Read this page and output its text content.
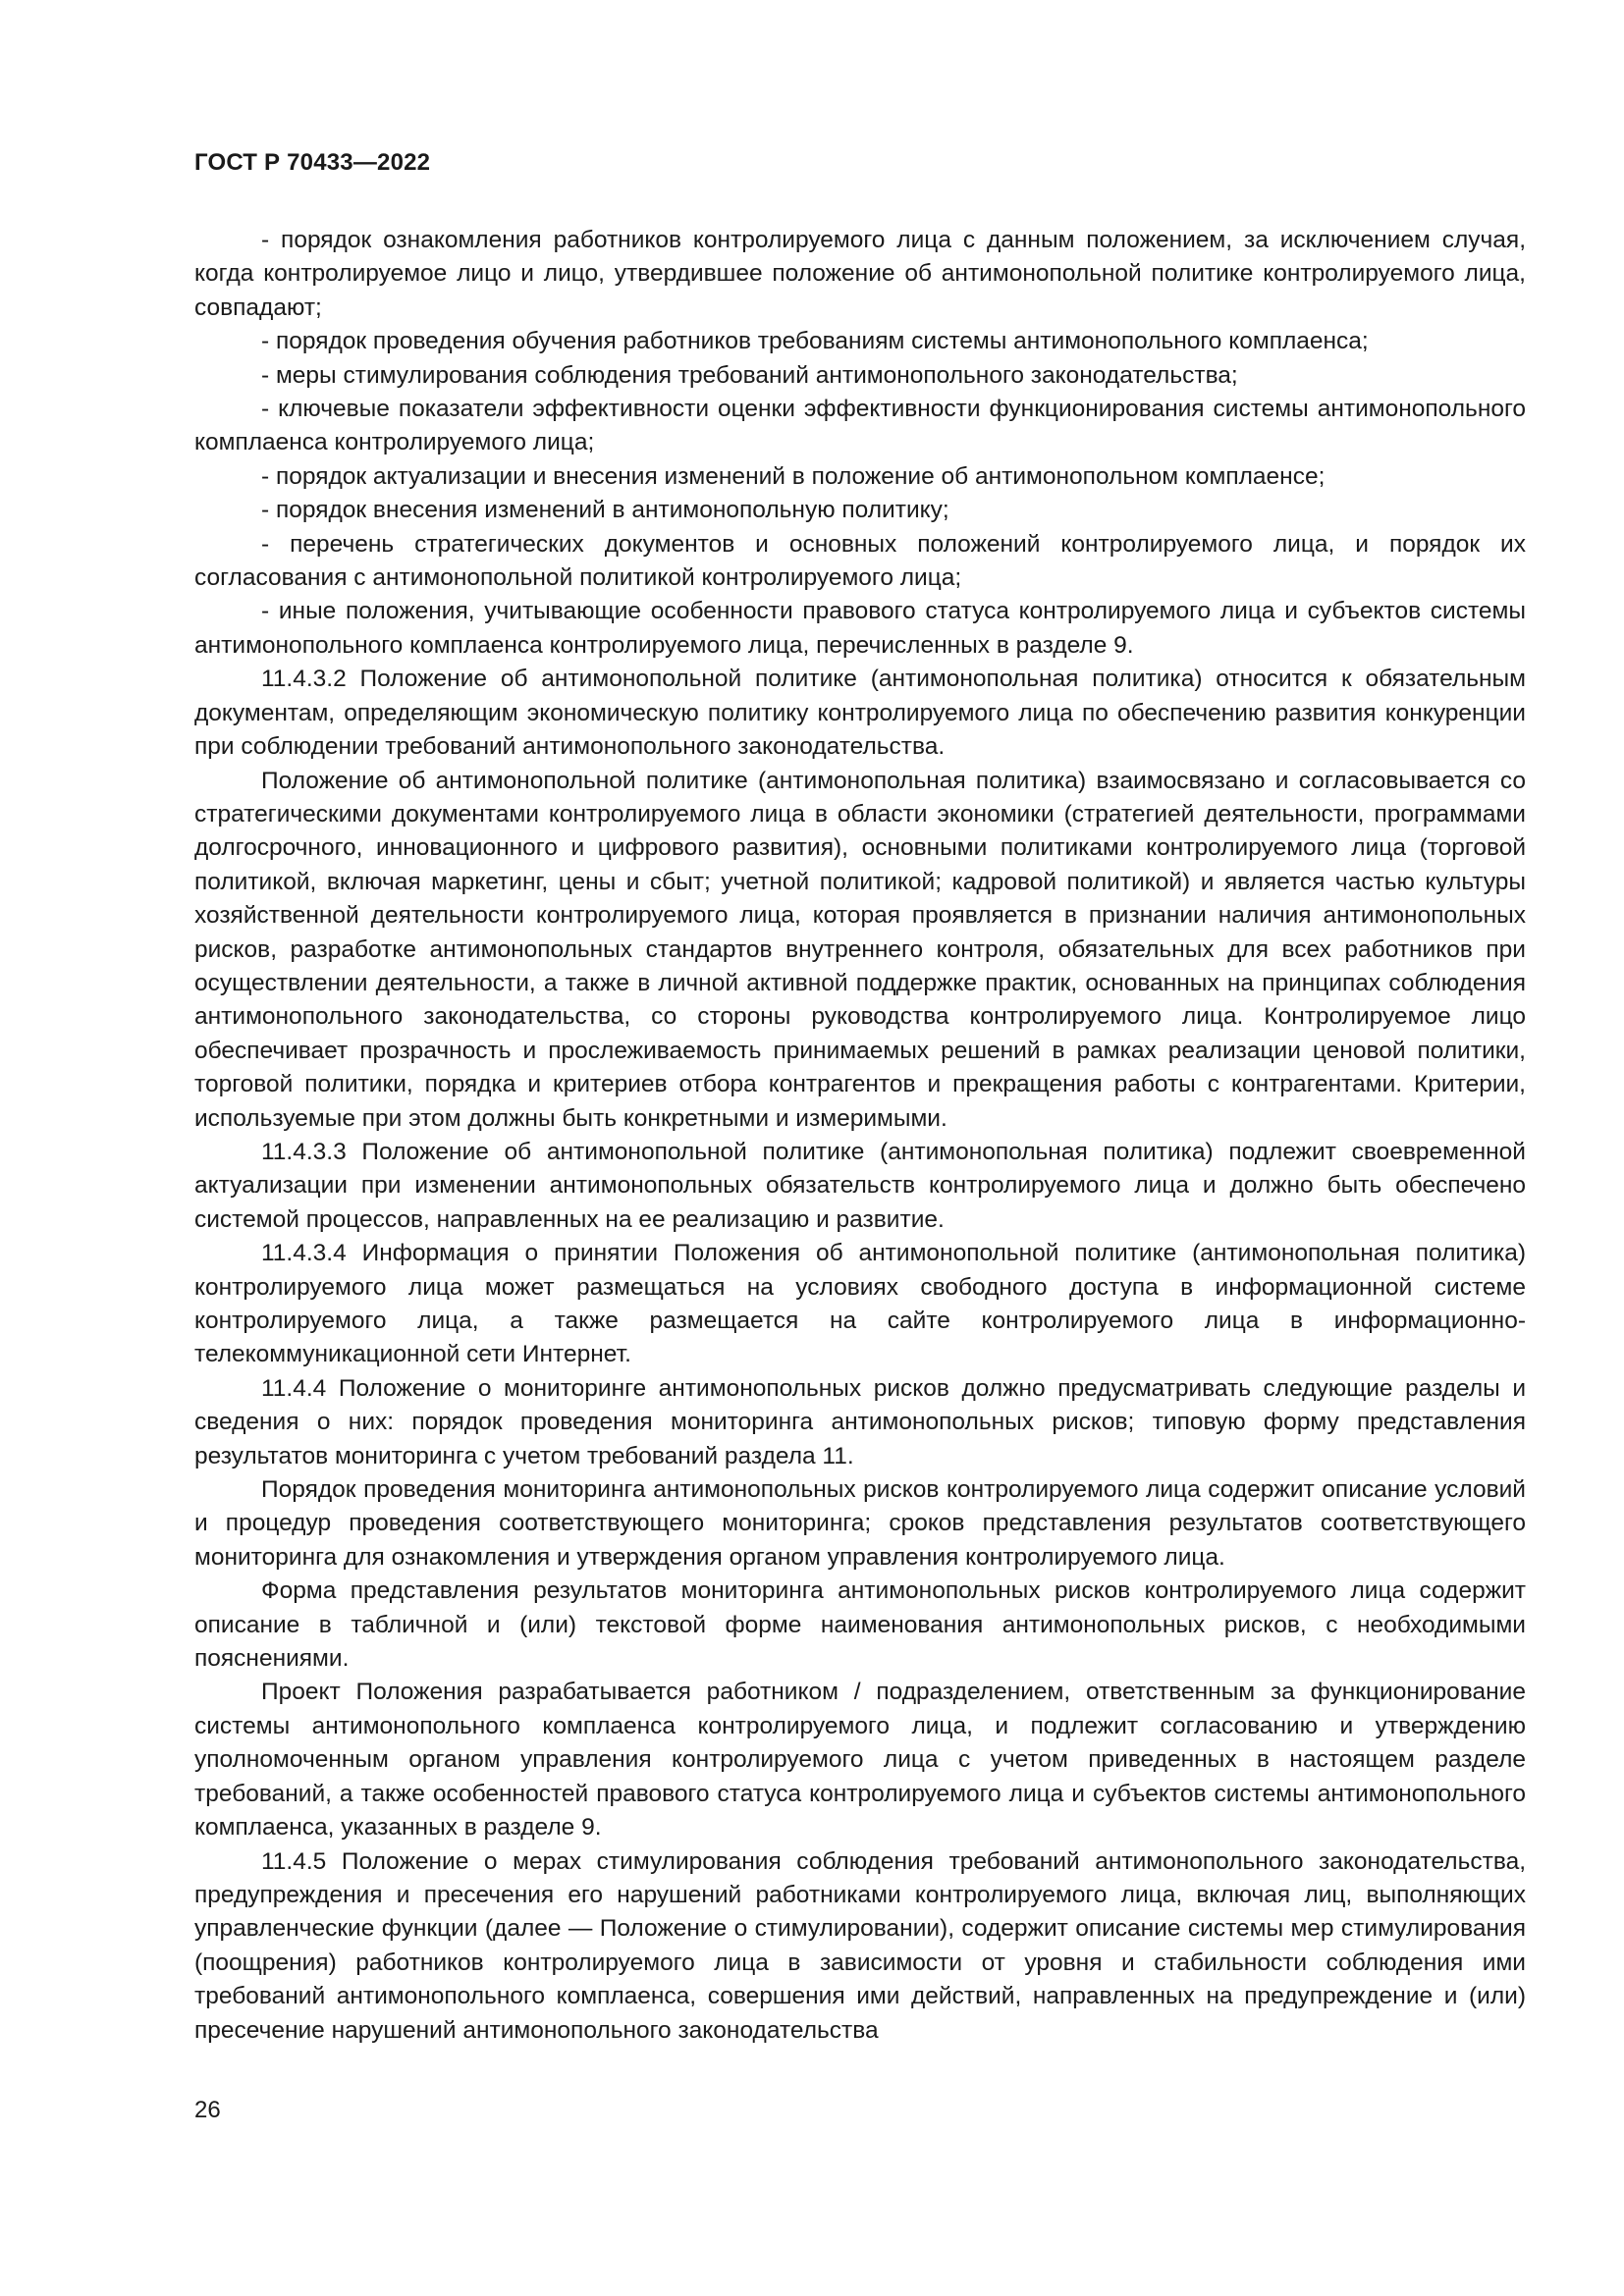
ГОСТ Р 70433—2022

- порядок ознакомления работников контролируемого лица с данным положением, за исключением случая, когда контролируемое лицо и лицо, утвердившее положение об антимонопольной политике контролируемого лица, совпадают;

- порядок проведения обучения работников требованиям системы антимонопольного комплаенса;

- меры стимулирования соблюдения требований антимонопольного законодательства;

- ключевые показатели эффективности оценки эффективности функционирования системы антимонопольного комплаенса контролируемого лица;

- порядок актуализации и внесения изменений в положение об антимонопольном комплаенсе;

- порядок внесения изменений в антимонопольную политику;

- перечень стратегических документов и основных положений контролируемого лица, и порядок их согласования с антимонопольной политикой контролируемого лица;

- иные положения, учитывающие особенности правового статуса контролируемого лица и субъектов системы антимонопольного комплаенса контролируемого лица, перечисленных в разделе 9.

11.4.3.2 Положение об антимонопольной политике (антимонопольная политика) относится к обязательным документам, определяющим экономическую политику контролируемого лица по обеспечению развития конкуренции при соблюдении требований антимонопольного законодательства.

Положение об антимонопольной политике (антимонопольная политика) взаимосвязано и согласовывается со стратегическими документами контролируемого лица в области экономики (стратегией деятельности, программами долгосрочного, инновационного и цифрового развития), основными политиками контролируемого лица (торговой политикой, включая маркетинг, цены и сбыт; учетной политикой; кадровой политикой) и является частью культуры хозяйственной деятельности контролируемого лица, которая проявляется в признании наличия антимонопольных рисков, разработке антимонопольных стандартов внутреннего контроля, обязательных для всех работников при осуществлении деятельности, а также в личной активной поддержке практик, основанных на принципах соблюдения антимонопольного законодательства, со стороны руководства контролируемого лица. Контролируемое лицо обеспечивает прозрачность и прослеживаемость принимаемых решений в рамках реализации ценовой политики, торговой политики, порядка и критериев отбора контрагентов и прекращения работы с контрагентами. Критерии, используемые при этом должны быть конкретными и измеримыми.

11.4.3.3 Положение об антимонопольной политике (антимонопольная политика) подлежит своевременной актуализации при изменении антимонопольных обязательств контролируемого лица и должно быть обеспечено системой процессов, направленных на ее реализацию и развитие.

11.4.3.4 Информация о принятии Положения об антимонопольной политике (антимонопольная политика) контролируемого лица может размещаться на условиях свободного доступа в информационной системе контролируемого лица, а также размещается на сайте контролируемого лица в информационно-телекоммуникационной сети Интернет.

11.4.4 Положение о мониторинге антимонопольных рисков должно предусматривать следующие разделы и сведения о них: порядок проведения мониторинга антимонопольных рисков; типовую форму представления результатов мониторинга с учетом требований раздела 11.

Порядок проведения мониторинга антимонопольных рисков контролируемого лица содержит описание условий и процедур проведения соответствующего мониторинга; сроков представления результатов соответствующего мониторинга для ознакомления и утверждения органом управления контролируемого лица.

Форма представления результатов мониторинга антимонопольных рисков контролируемого лица содержит описание в табличной и (или) текстовой форме наименования антимонопольных рисков, с необходимыми пояснениями.

Проект Положения разрабатывается работником / подразделением, ответственным за функционирование системы антимонопольного комплаенса контролируемого лица, и подлежит согласованию и утверждению уполномоченным органом управления контролируемого лица с учетом приведенных в настоящем разделе требований, а также особенностей правового статуса контролируемого лица и субъектов системы антимонопольного комплаенса, указанных в разделе 9.

11.4.5 Положение о мерах стимулирования соблюдения требований антимонопольного законодательства, предупреждения и пресечения его нарушений работниками контролируемого лица, включая лиц, выполняющих управленческие функции (далее — Положение о стимулировании), содержит описание системы мер стимулирования (поощрения) работников контролируемого лица в зависимости от уровня и стабильности соблюдения ими требований антимонопольного комплаенса, совершения ими действий, направленных на предупреждение и (или) пресечение нарушений антимонопольного законодательства

26
